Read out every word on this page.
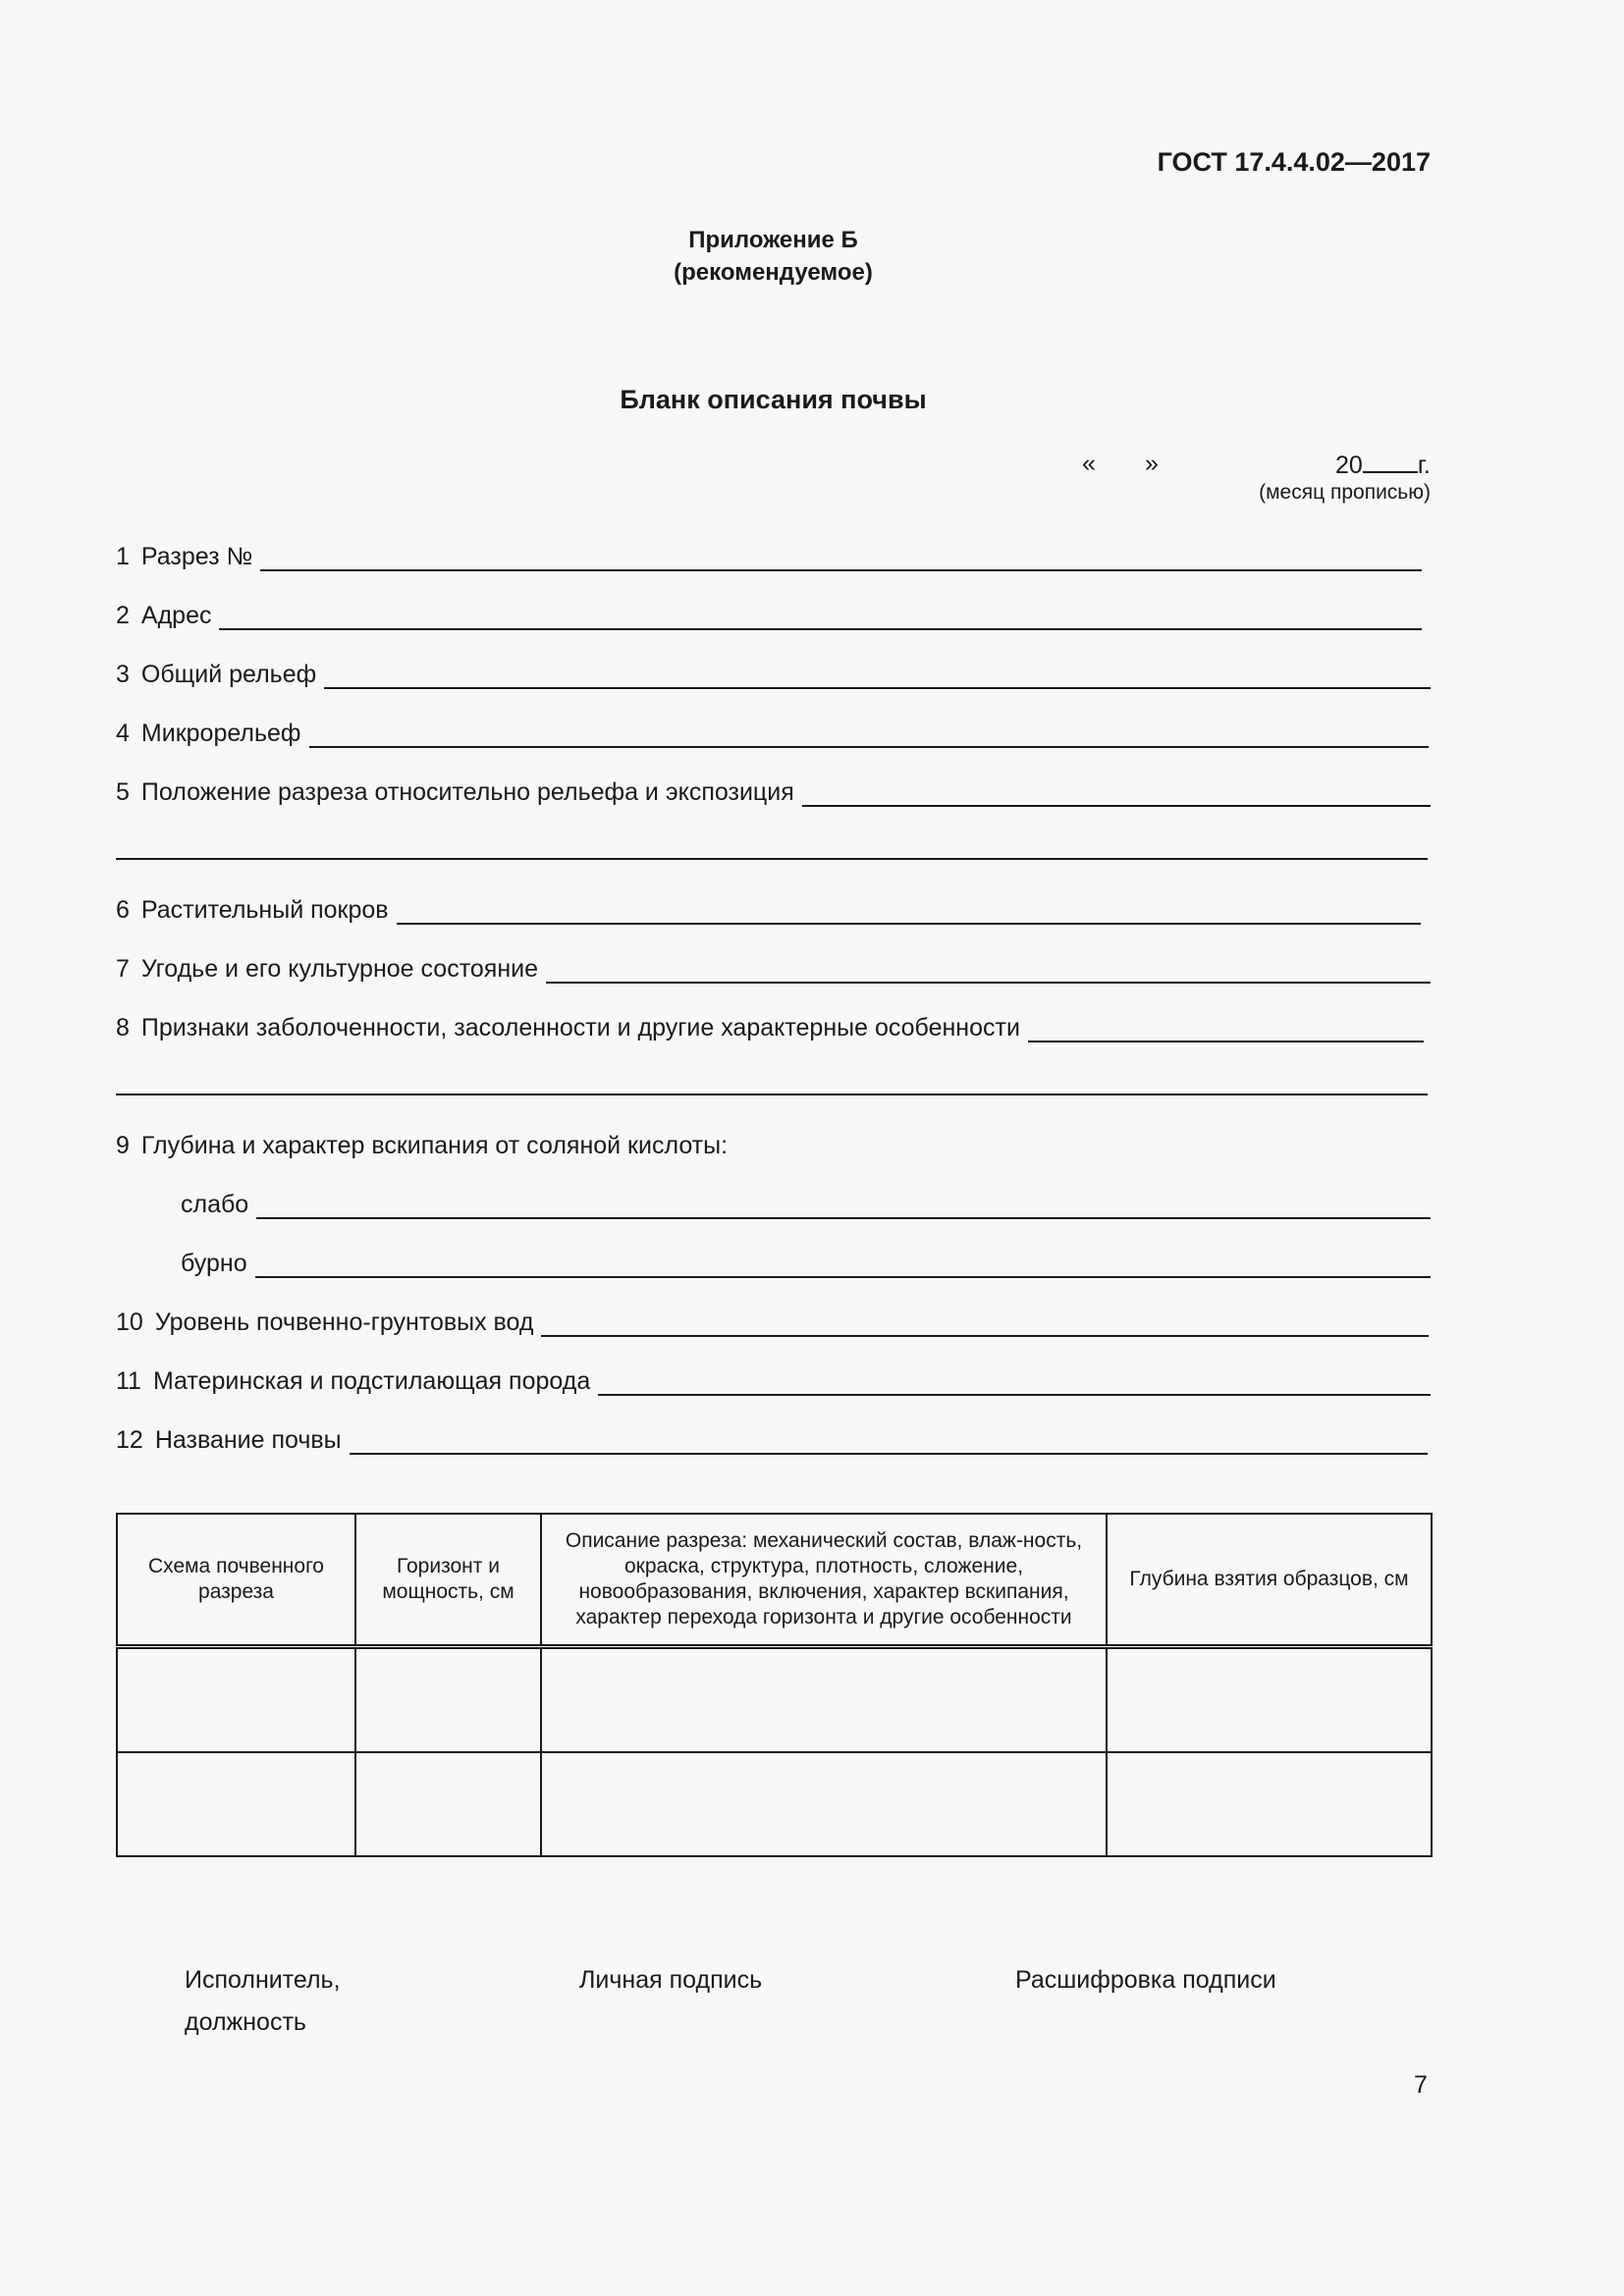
ГОСТ 17.4.4.02—2017
Приложение Б
(рекомендуемое)
Бланк описания почвы
« »	20 г.
(месяц прописью)
1 Разрез №
2 Адрес
3 Общий рельеф
4 Микрорельеф
5 Положение разреза относительно рельефа и экспозиция
6 Растительный покров
7 Угодье и его культурное состояние
8 Признаки заболоченности, засоленности и другие характерные особенности
9 Глубина и характер вскипания от соляной кислоты:
слабо
бурно
10 Уровень почвенно-грунтовых вод
11 Материнская и подстилающая порода
12 Название почвы
Схема почвенного разреза	Горизонт и мощность, см	Описание разреза: механический состав, влаж-ность, окраска, структура, плотность, сложение, новообразования, включения, характер вскипания, характер перехода горизонта и другие особенности	Глубина взятия образцов, см

Исполнитель,
должность
Личная подпись	Расшифровка подписи
7
